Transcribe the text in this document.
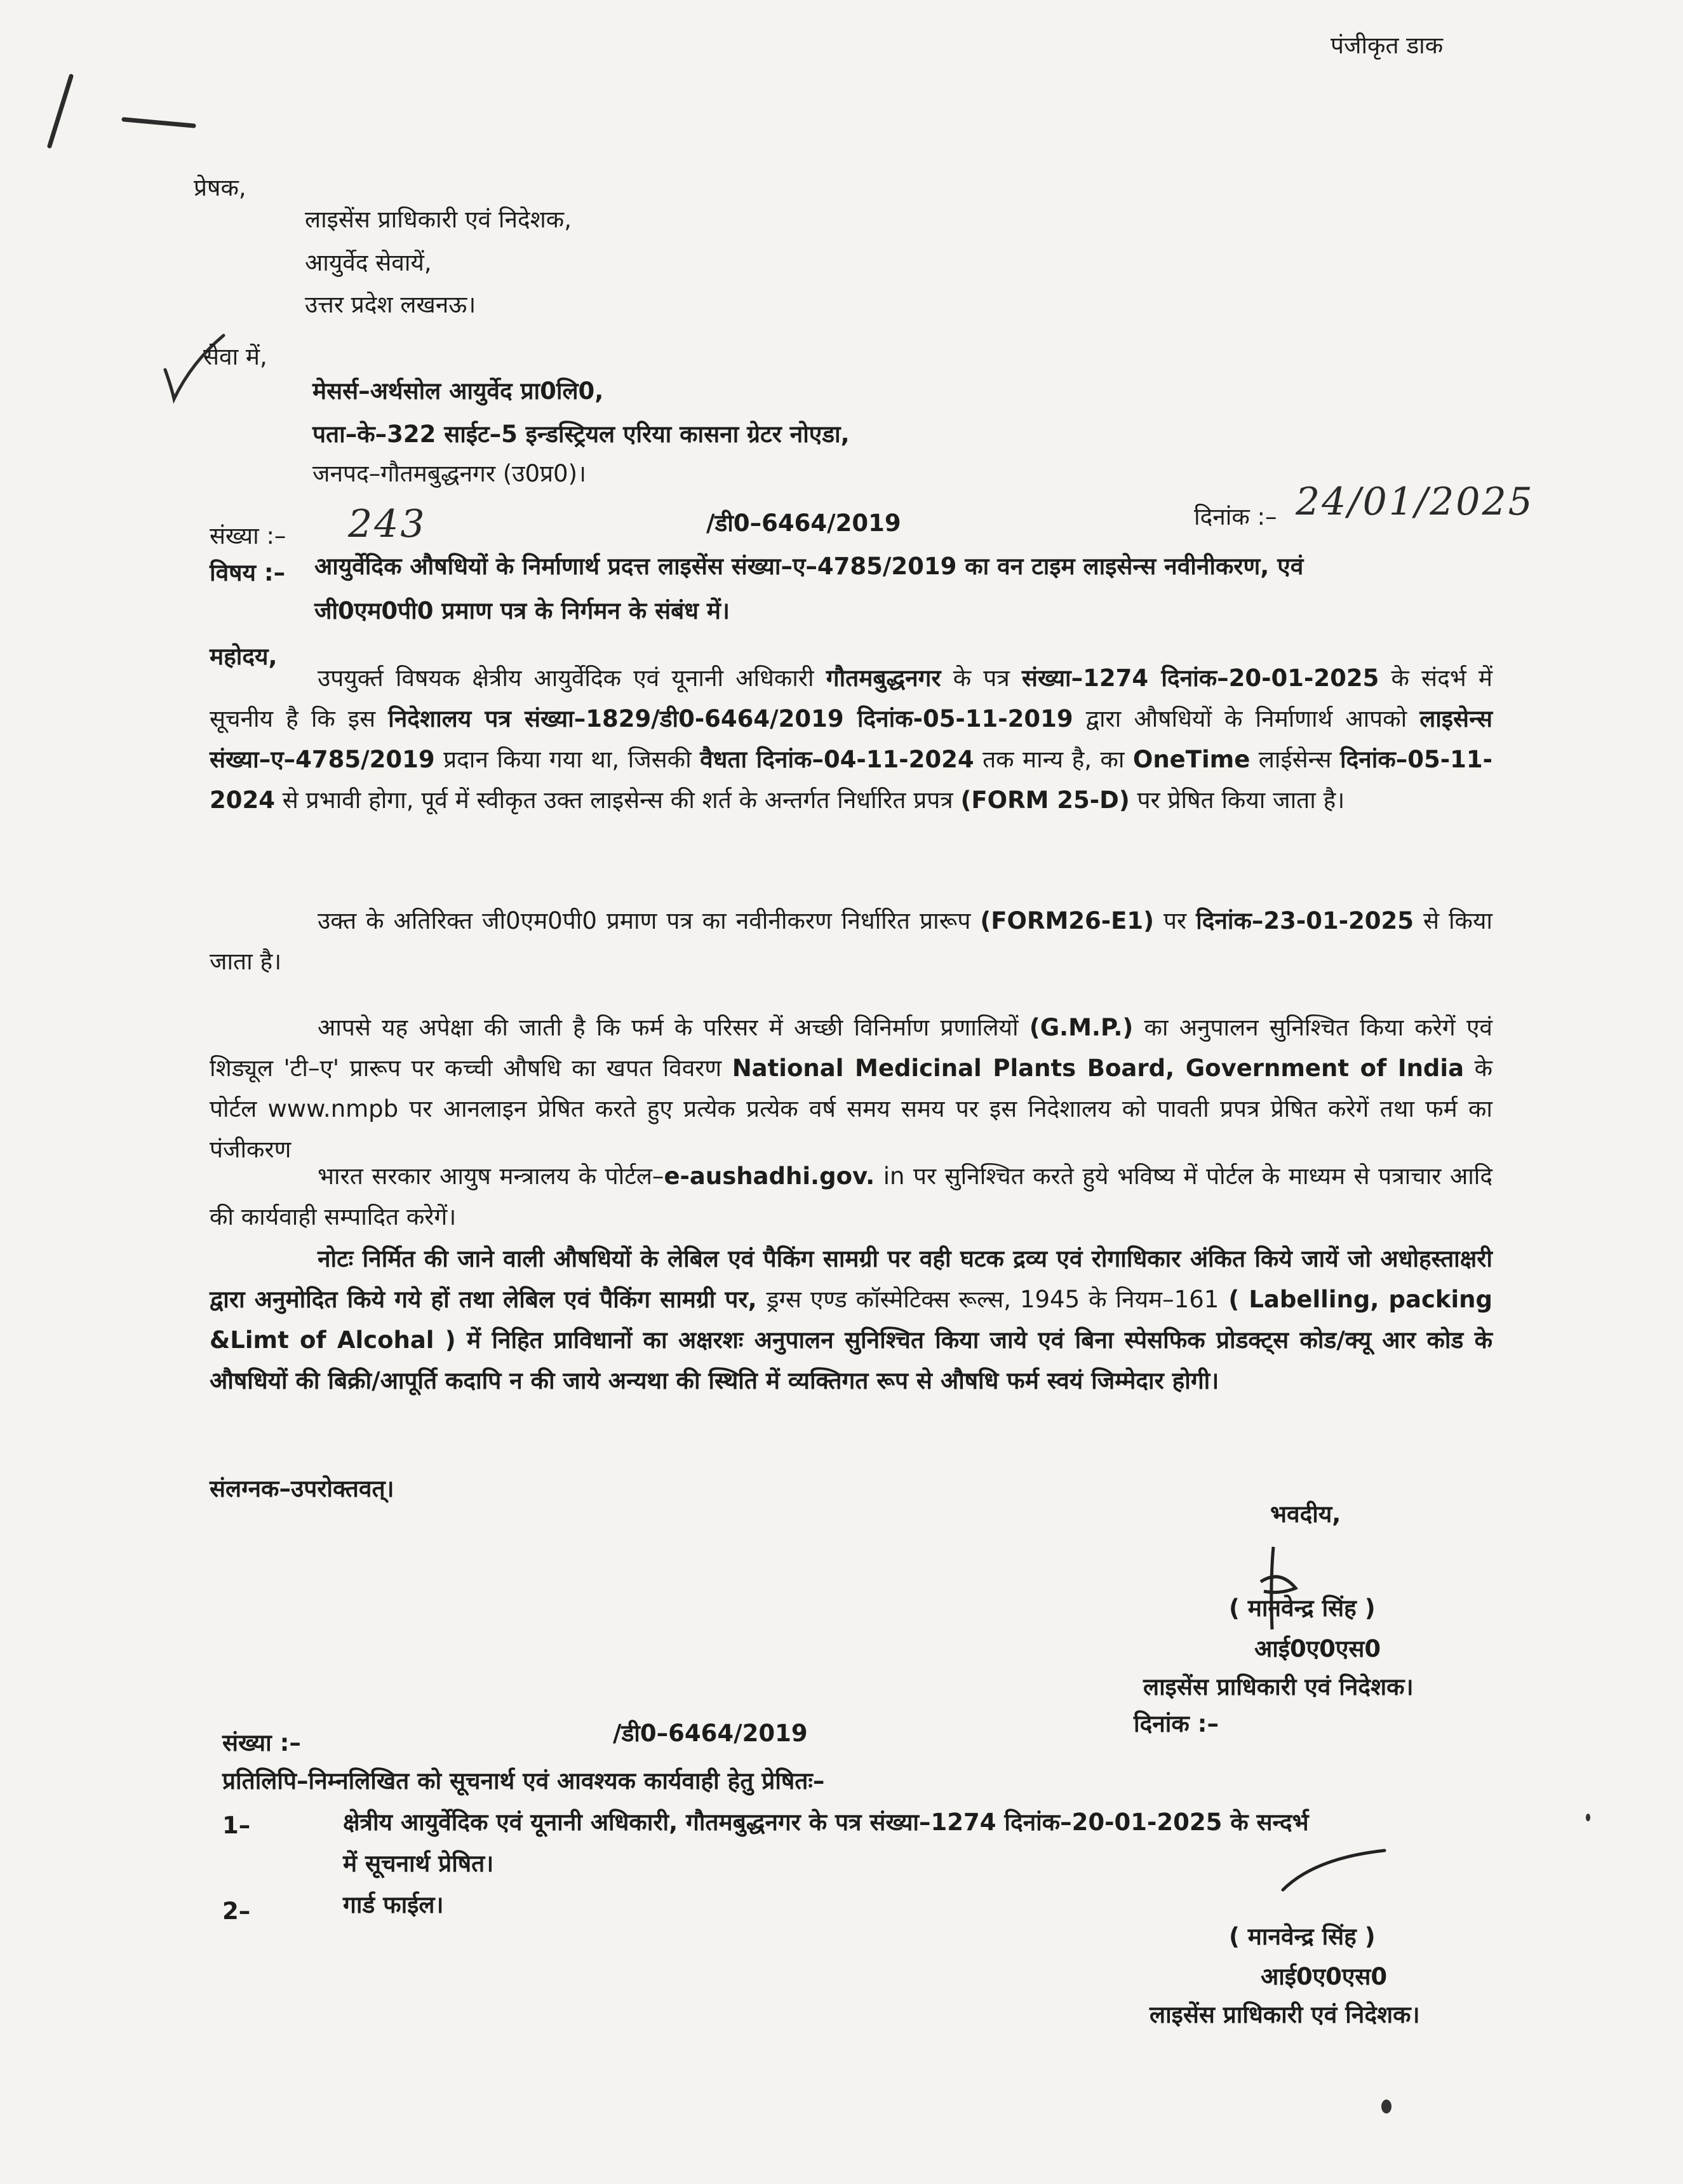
पंजीकृत डाक
प्रेषक,
लाइसेंस प्राधिकारी एवं निदेशक,
आयुर्वेद सेवायें,
उत्तर प्रदेश लखनऊ।
सेवा में,
मेसर्स–अर्थसोल आयुर्वेद प्रा0लि0,
पता–के–322 साईट–5 इन्डस्ट्रियल एरिया कासना ग्रेटर नोएडा,
जनपद–गौतमबुद्धनगर (उ0प्र0)।
संख्या :– 243	/डी0–6464/2019	दिनांक :– 24/01/2025
विषय :– आयुर्वेदिक औषधियों के निर्माणार्थ प्रदत्त लाइसेंस संख्या–ए–4785/2019 का वन टाइम लाइसेन्स नवीनीकरण, एवं
जी0एम0पी0 प्रमाण पत्र के निर्गमन के संबंध में।
महोदय,
उपयुर्क्त विषयक क्षेत्रीय आयुर्वेदिक एवं यूनानी अधिकारी गौतमबुद्धनगर के पत्र संख्या–1274 दिनांक–20-01-2025 के संदर्भ में सूचनीय है कि इस निदेशालय पत्र संख्या–1829/डी0-6464/2019 दिनांक-05-11-2019 द्वारा औषधियों के निर्माणार्थ आपको लाइसेन्स संख्या–ए–4785/2019 प्रदान किया गया था, जिसकी वैधता दिनांक–04-11-2024 तक मान्य है, का OneTime लाईसेन्स दिनांक–05-11-2024 से प्रभावी होगा, पूर्व में स्वीकृत उक्त लाइसेन्स की शर्त के अन्तर्गत निर्धारित प्रपत्र (FORM 25-D) पर प्रेषित किया जाता है।
उक्त के अतिरिक्त जी0एम0पी0 प्रमाण पत्र का नवीनीकरण निर्धारित प्रारूप (FORM26-E1) पर दिनांक–23-01-2025 से किया जाता है।
आपसे यह अपेक्षा की जाती है कि फर्म के परिसर में अच्छी विनिर्माण प्रणालियों (G.M.P.) का अनुपालन सुनिश्चित किया करेगें एवं शिड्यूल 'टी–ए' प्रारूप पर कच्ची औषधि का खपत विवरण National Medicinal Plants Board, Government of India के पोर्टल www.nmpb पर आनलाइन प्रेषित करते हुए प्रत्येक प्रत्येक वर्ष समय समय पर इस निदेशालय को पावती प्रपत्र प्रेषित करेगें तथा फर्म का पंजीकरण
भारत सरकार आयुष मन्त्रालय के पोर्टल–e-aushadhi.gov. in पर सुनिश्चित करते हुये भविष्य में पोर्टल के माध्यम से पत्राचार आदि की कार्यवाही सम्पादित करेगें।
नोटः निर्मित की जाने वाली औषधियों के लेबिल एवं पैकिंग सामग्री पर वही घटक द्रव्य एवं रोगाधिकार अंकित किये जायें जो अधोहस्ताक्षरी द्वारा अनुमोदित किये गये हों तथा लेबिल एवं पैकिंग सामग्री पर, ड्रग्स एण्ड कॉस्मेटिक्स रूल्स, 1945 के नियम–161 ( Labelling, packing &Limt of Alcohal ) में निहित प्राविधानों का अक्षरशः अनुपालन सुनिश्चित किया जाये एवं बिना स्पेसफिक प्रोडक्ट्स कोड/क्यू आर कोड के औषधियों की बिक्री/आपूर्ति कदापि न की जाये अन्यथा की स्थिति में व्यक्तिगत रूप से औषधि फर्म स्वयं जिम्मेदार होगी।
संलग्नक–उपरोक्तवत्।
भवदीय,
( मानवेन्द्र सिंह )
आई0ए0एस0
लाइसेंस प्राधिकारी एवं निदेशक।
दिनांक :–
संख्या :–	/डी0–6464/2019
प्रतिलिपि–निम्नलिखित को सूचनार्थ एवं आवश्यक कार्यवाही हेतु प्रेषितः–
1–	क्षेत्रीय आयुर्वेदिक एवं यूनानी अधिकारी, गौतमबुद्धनगर के पत्र संख्या–1274 दिनांक–20-01-2025 के सन्दर्भ
में सूचनार्थ प्रेषित।
2–	गार्ड फाईल।
( मानवेन्द्र सिंह )
आई0ए0एस0
लाइसेंस प्राधिकारी एवं निदेशक।
